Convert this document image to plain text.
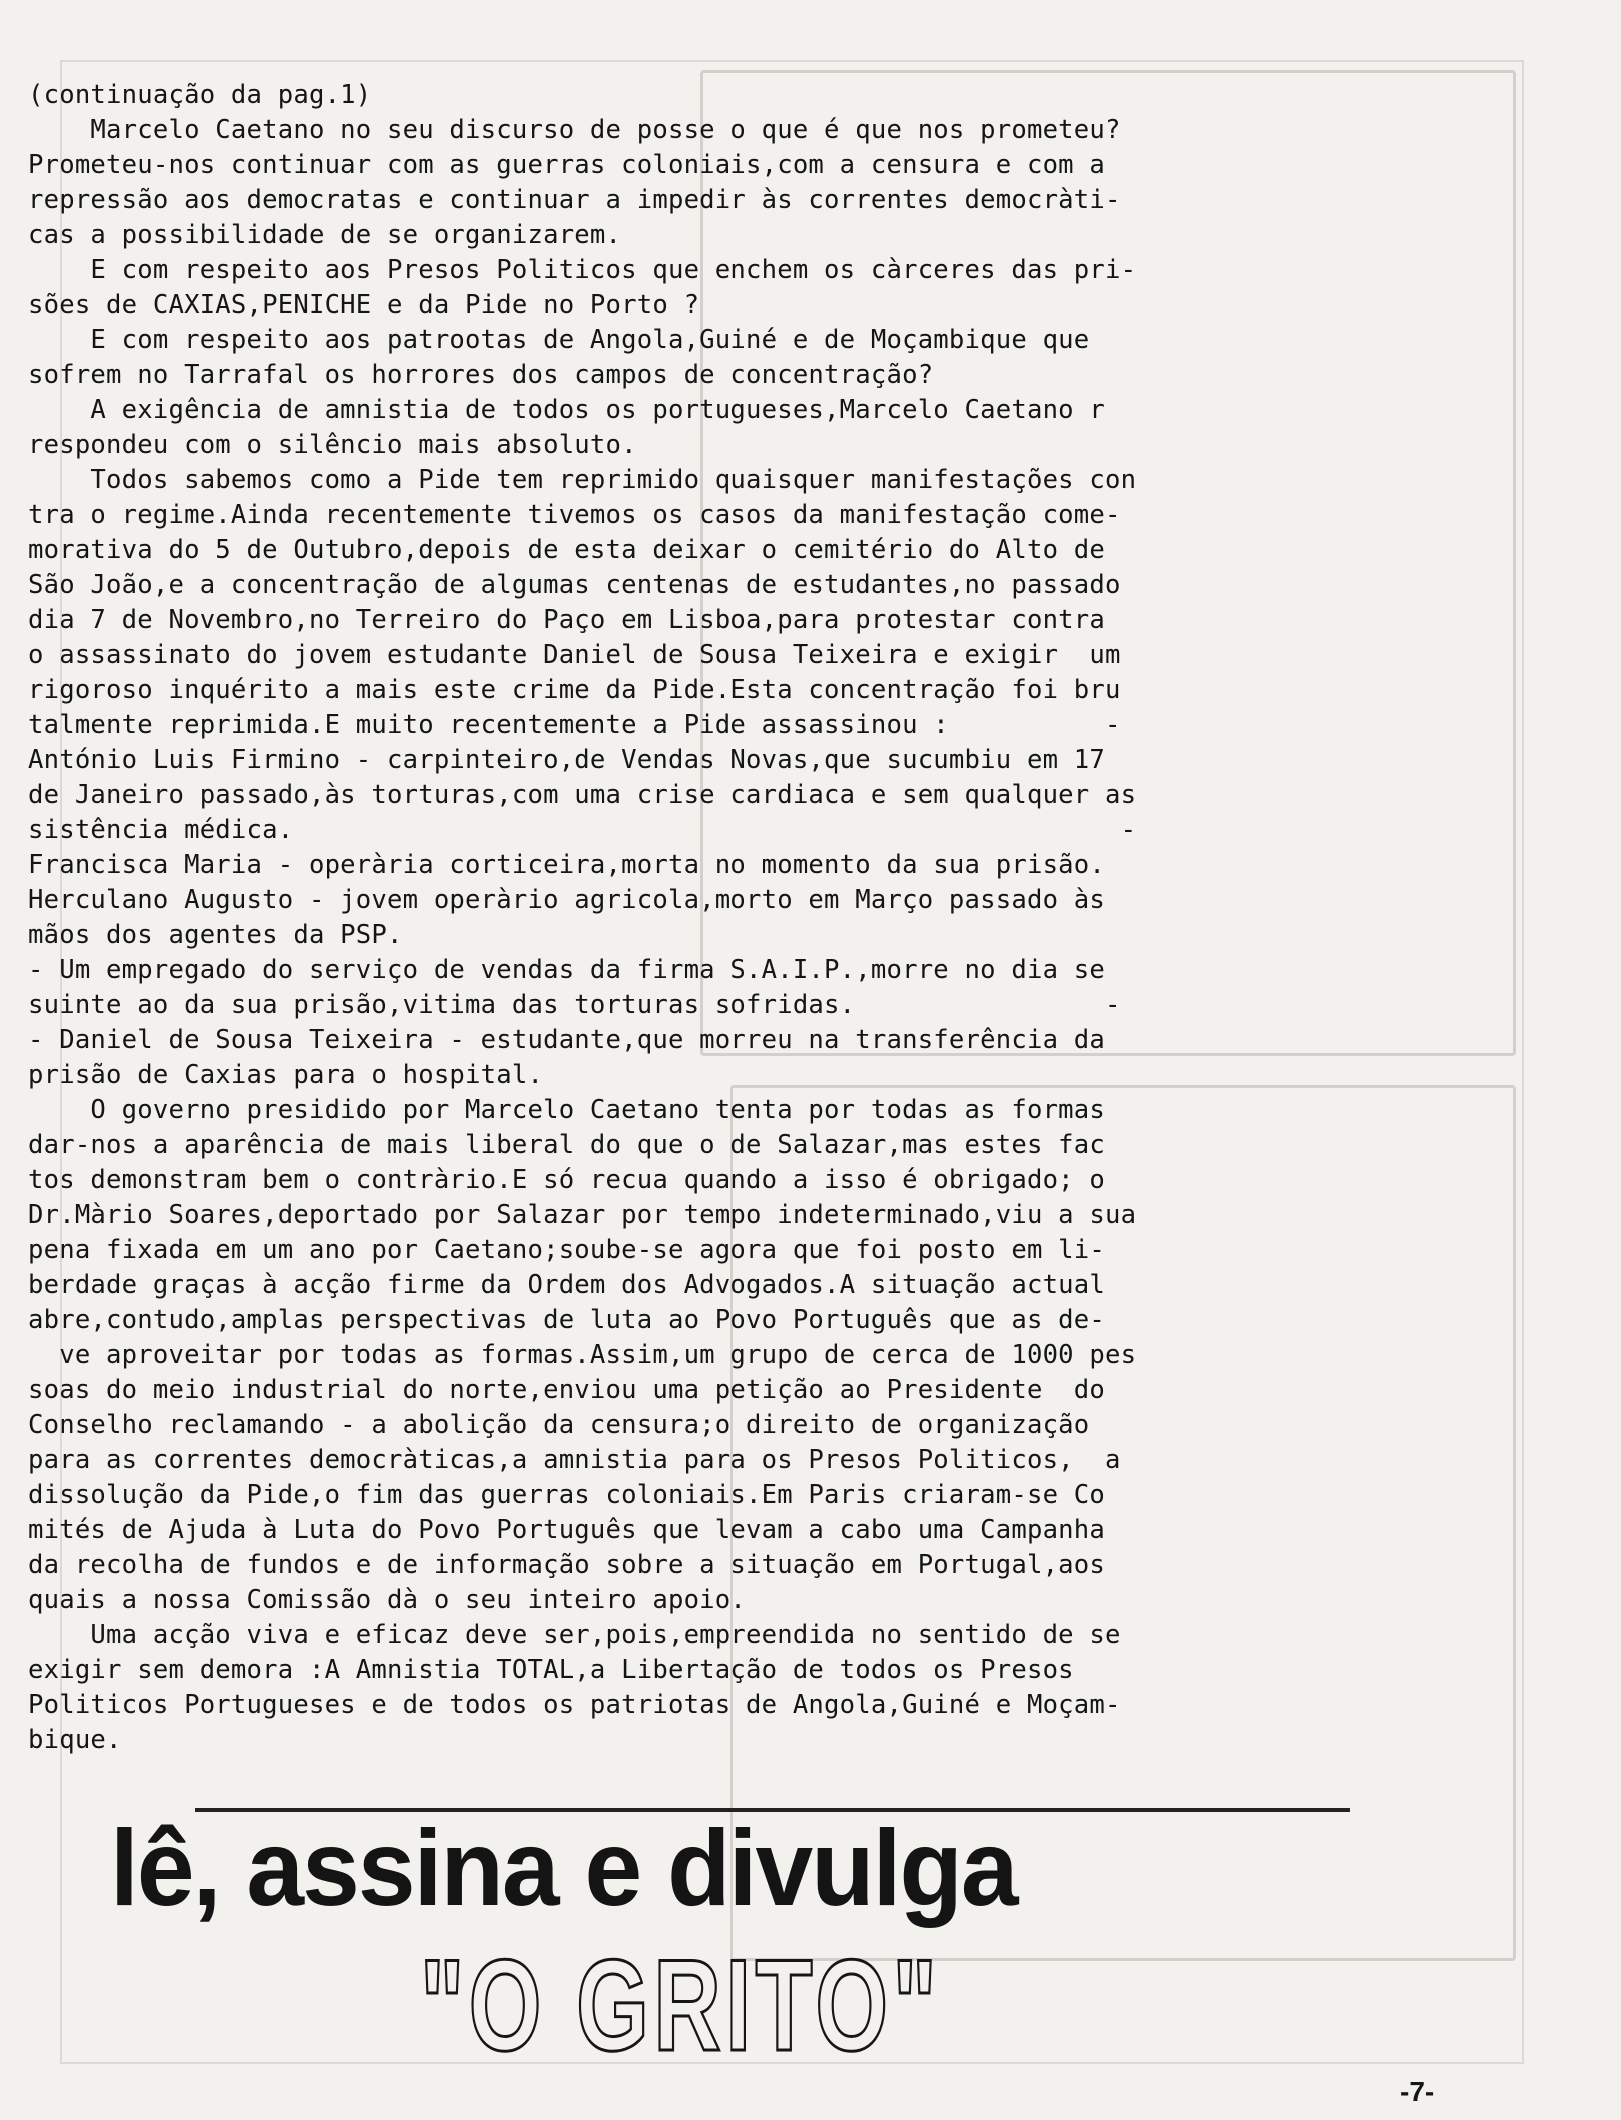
(continuação da pag.1)
Marcelo Caetano no seu discurso de posse o que é que nos prometeu?
Prometeu-nos continuar com as guerras coloniais,com a censura e com a
repressão aos democratas e continuar a impedir às correntes democràti-
cas a possibilidade de se organizarem.
E com respeito aos Presos Politicos que enchem os càrceres das pri-
sões de CAXIAS,PENICHE e da Pide no Porto ?
E com respeito aos patrootas de Angola,Guiné e de Moçambique que
sofrem no Tarrafal os horrores dos campos de concentração?
A exigência de amnistia de todos os portugueses,Marcelo Caetano r
respondeu com o silêncio mais absoluto.
Todos sabemos como a Pide tem reprimido quaisquer manifestações con
tra o regime.Ainda recentemente tivemos os casos da manifestação come-
morativa do 5 de Outubro,depois de esta deixar o cemitério do Alto de
São João,e a concentração de algumas centenas de estudantes,no passado
dia 7 de Novembro,no Terreiro do Paço em Lisboa,para protestar contra
o assassinato do jovem estudante Daniel de Sousa Teixeira e exigir  um
rigoroso inquérito a mais este crime da Pide.Esta concentração foi bru
talmente reprimida.E muito recentemente a Pide assassinou :          -
António Luis Firmino - carpinteiro,de Vendas Novas,que sucumbiu em 17
de Janeiro passado,às torturas,com uma crise cardiaca e sem qualquer as
sistência médica.                                                     -
Francisca Maria - operària corticeira,morta no momento da sua prisão.
Herculano Augusto - jovem operàrio agricola,morto em Março passado às
mãos dos agentes da PSP.
- Um empregado do serviço de vendas da firma S.A.I.P.,morre no dia se
suinte ao da sua prisão,vitima das torturas sofridas.                -
- Daniel de Sousa Teixeira - estudante,que morreu na transferência da
prisão de Caxias para o hospital.
O governo presidido por Marcelo Caetano tenta por todas as formas
dar-nos a aparência de mais liberal do que o de Salazar,mas estes fac
tos demonstram bem o contràrio.E só recua quando a isso é obrigado; o
Dr.Màrio Soares,deportado por Salazar por tempo indeterminado,viu a sua
pena fixada em um ano por Caetano;soube-se agora que foi posto em li-
berdade graças à acção firme da Ordem dos Advogados.A situação actual
abre,contudo,amplas perspectivas de luta ao Povo Português que as de-
ve aproveitar por todas as formas.Assim,um grupo de cerca de 1000 pes
soas do meio industrial do norte,enviou uma petição ao Presidente  do
Conselho reclamando - a abolição da censura;o direito de organização
para as correntes democràticas,a amnistia para os Presos Politicos,  a
dissolução da Pide,o fim das guerras coloniais.Em Paris criaram-se Co
mités de Ajuda à Luta do Povo Português que levam a cabo uma Campanha
da recolha de fundos e de informação sobre a situação em Portugal,aos
quais a nossa Comissão dà o seu inteiro apoio.
Uma acção viva e eficaz deve ser,pois,empreendida no sentido de se
exigir sem demora :A Amnistia TOTAL,a Libertação de todos os Presos
Politicos Portugueses e de todos os patriotas de Angola,Guiné e Moçam-
bique.
lê, assina e divulga
"O GRITO"
-7-
